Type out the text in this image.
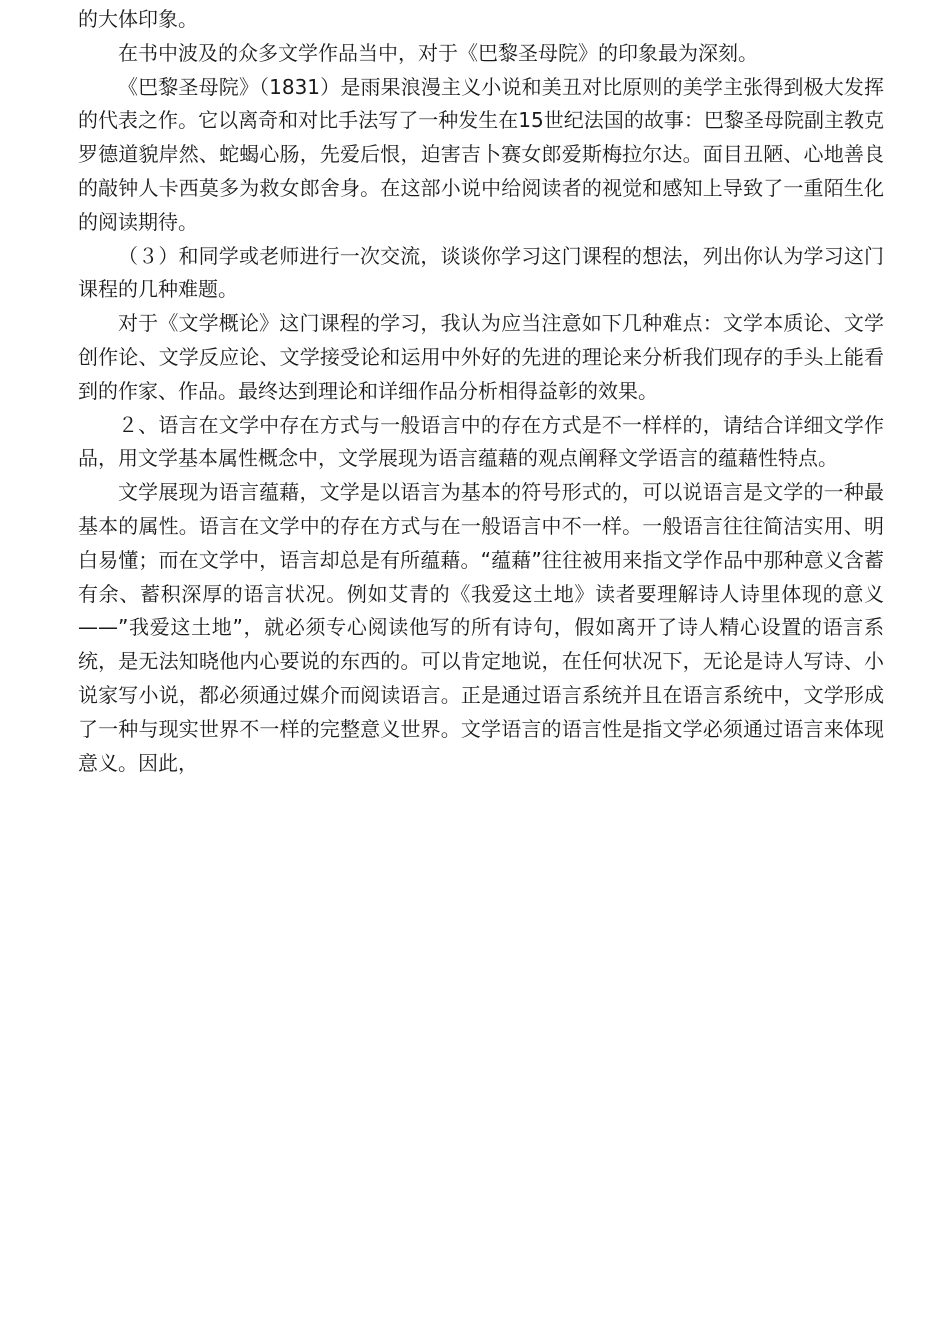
的大体印象。

在书中波及的众多文学作品当中，对于《巴黎圣母院》的印象最为深刻。

《巴黎圣母院》（1831）是雨果浪漫主义小说和美丑对比原则的美学主张得到极大发挥的代表之作。它以离奇和对比手法写了一种发生在15世纪法国的故事：巴黎圣母院副主教克罗德道貌岸然、蛇蝎心肠，先爱后恨，迫害吉卜赛女郎爱斯梅拉尔达。面目丑陋、心地善良的敲钟人卡西莫多为救女郎舍身。在这部小说中给阅读者的视觉和感知上导致了一重陌生化的阅读期待。

（３）和同学或老师进行一次交流，谈谈你学习这门课程的想法，列出你认为学习这门课程的几种难题。

对于《文学概论》这门课程的学习，我认为应当注意如下几种难点：文学本质论、文学创作论、文学反应论、文学接受论和运用中外好的先进的理论来分析我们现存的手头上能看到的作家、作品。最终达到理论和详细作品分析相得益彰的效果。

２、语言在文学中存在方式与一般语言中的存在方式是不一样样的，请结合详细文学作品，用文学基本属性概念中，文学展现为语言蕴藉的观点阐释文学语言的蕴藉性特点。

文学展现为语言蕴藉，文学是以语言为基本的符号形式的，可以说语言是文学的一种最基本的属性。语言在文学中的存在方式与在一般语言中不一样。一般语言往往简洁实用、明白易懂；而在文学中，语言却总是有所蕴藉。“蕴藉”往往被用来指文学作品中那种意义含蓄有余、蓄积深厚的语言状况。例如艾青的《我爱这土地》读者要理解诗人诗里体现的意义——”我爱这土地”，就必须专心阅读他写的所有诗句，假如离开了诗人精心设置的语言系统，是无法知晓他内心要说的东西的。可以肯定地说，在任何状况下，无论是诗人写诗、小说家写小说，都必须通过媒介而阅读语言。正是通过语言系统并且在语言系统中，文学形成了一种与现实世界不一样的完整意义世界。文学语言的语言性是指文学必须通过语言来体现意义。因此，
